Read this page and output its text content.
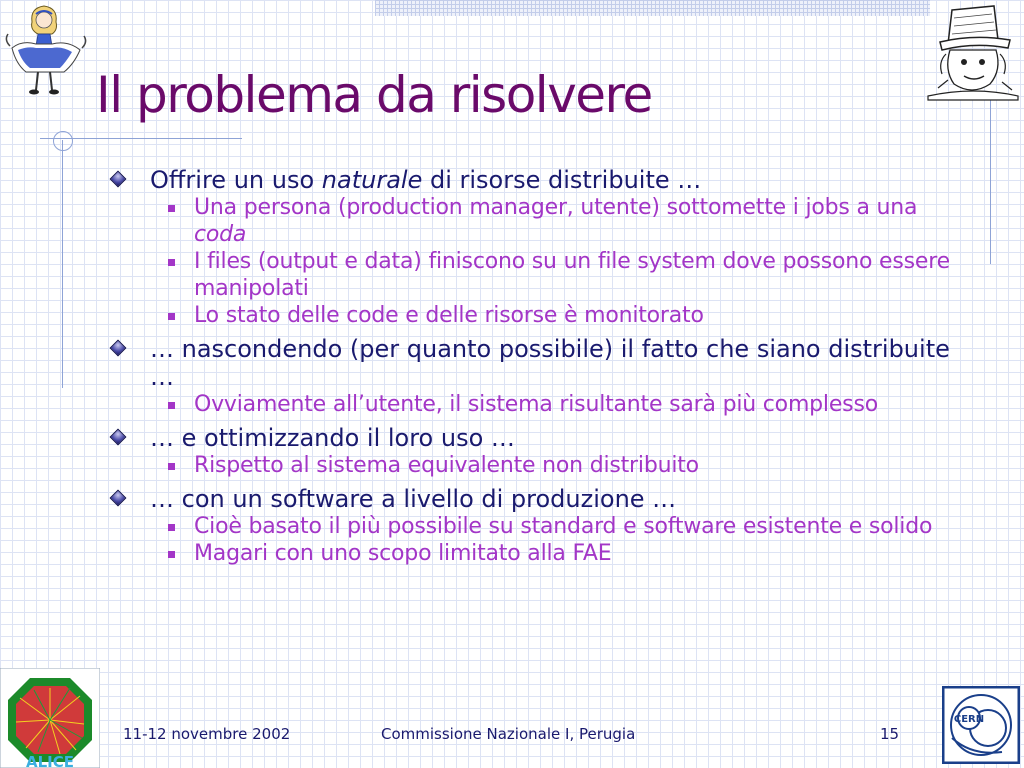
Il problema da risolvere
Offrire un uso naturale di risorse distribuite …
Una persona (production manager, utente) sottomette i jobs a una coda
I files (output e data) finiscono su un file system dove possono essere manipolati
Lo stato delle code e delle risorse è monitorato
… nascondendo (per quanto possibile) il fatto che siano distribuite …
Ovviamente all’utente, il sistema risultante sarà più complesso
… e ottimizzando il loro uso …
Rispetto al sistema equivalente non distribuito
… con un software a livello di produzione …
Cioè basato il più possibile su standard e software esistente e solido
Magari con uno scopo limitato alla FAE
ALICE
CERN
11-12 novembre 2002	Commissione Nazionale I, Perugia	15
